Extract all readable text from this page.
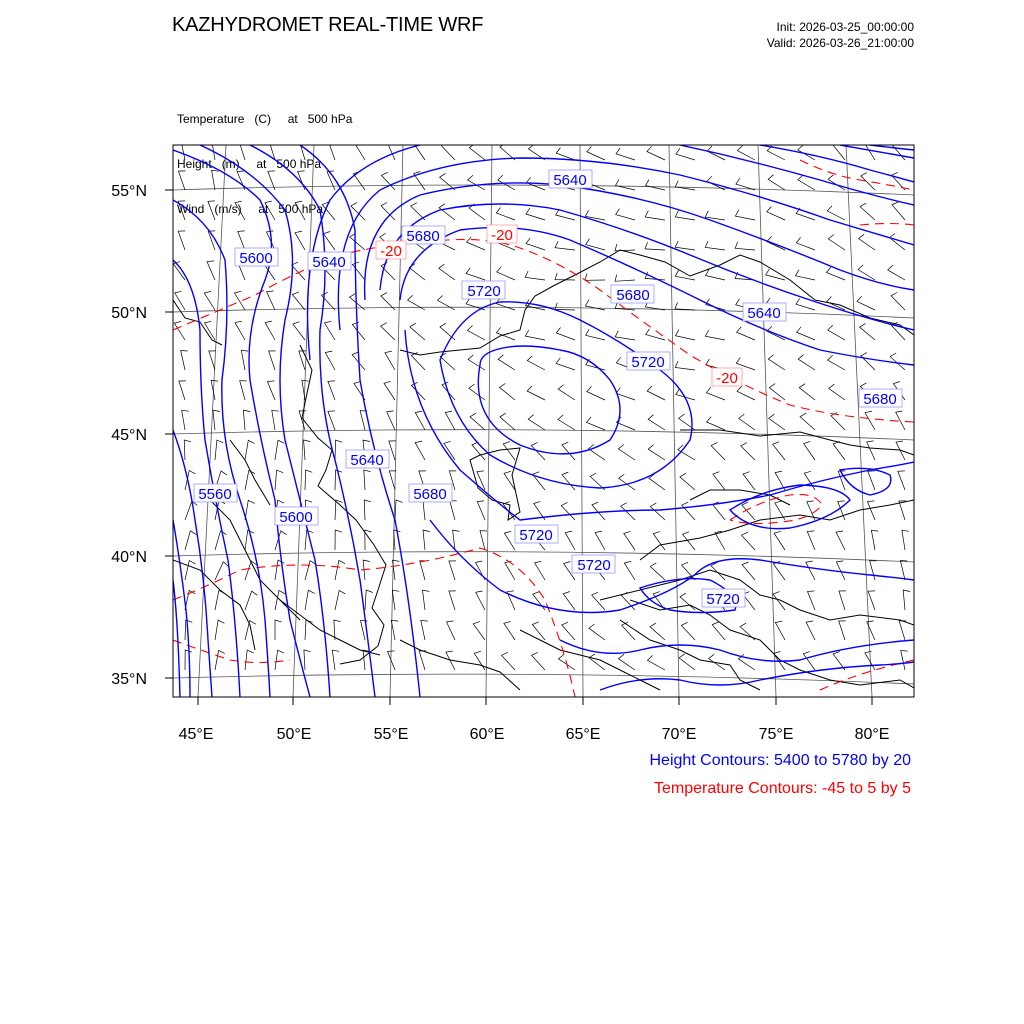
KAZHYDROMET REAL-TIME WRF	Init: 2026-03-25_00:00:00
Valid: 2026-03-26_21:00:00

Temperature   (C)     at   500 hPa

Height   (m)     at   500 hPa

Wind   (m/s)     at   500 hPa

55°N
50°N
45°N
40°N
35°N
45°E	50°E	55°E	60°E	65°E	70°E	75°E	80°E
5640
5680
5600	5640
5720	5680
5640
5720
5680
5640
5560
5600
5680
5720
5720
5720
-20
-20
-20
Height Contours: 5400 to 5780 by 20
Temperature Contours: -45 to 5 by 5
